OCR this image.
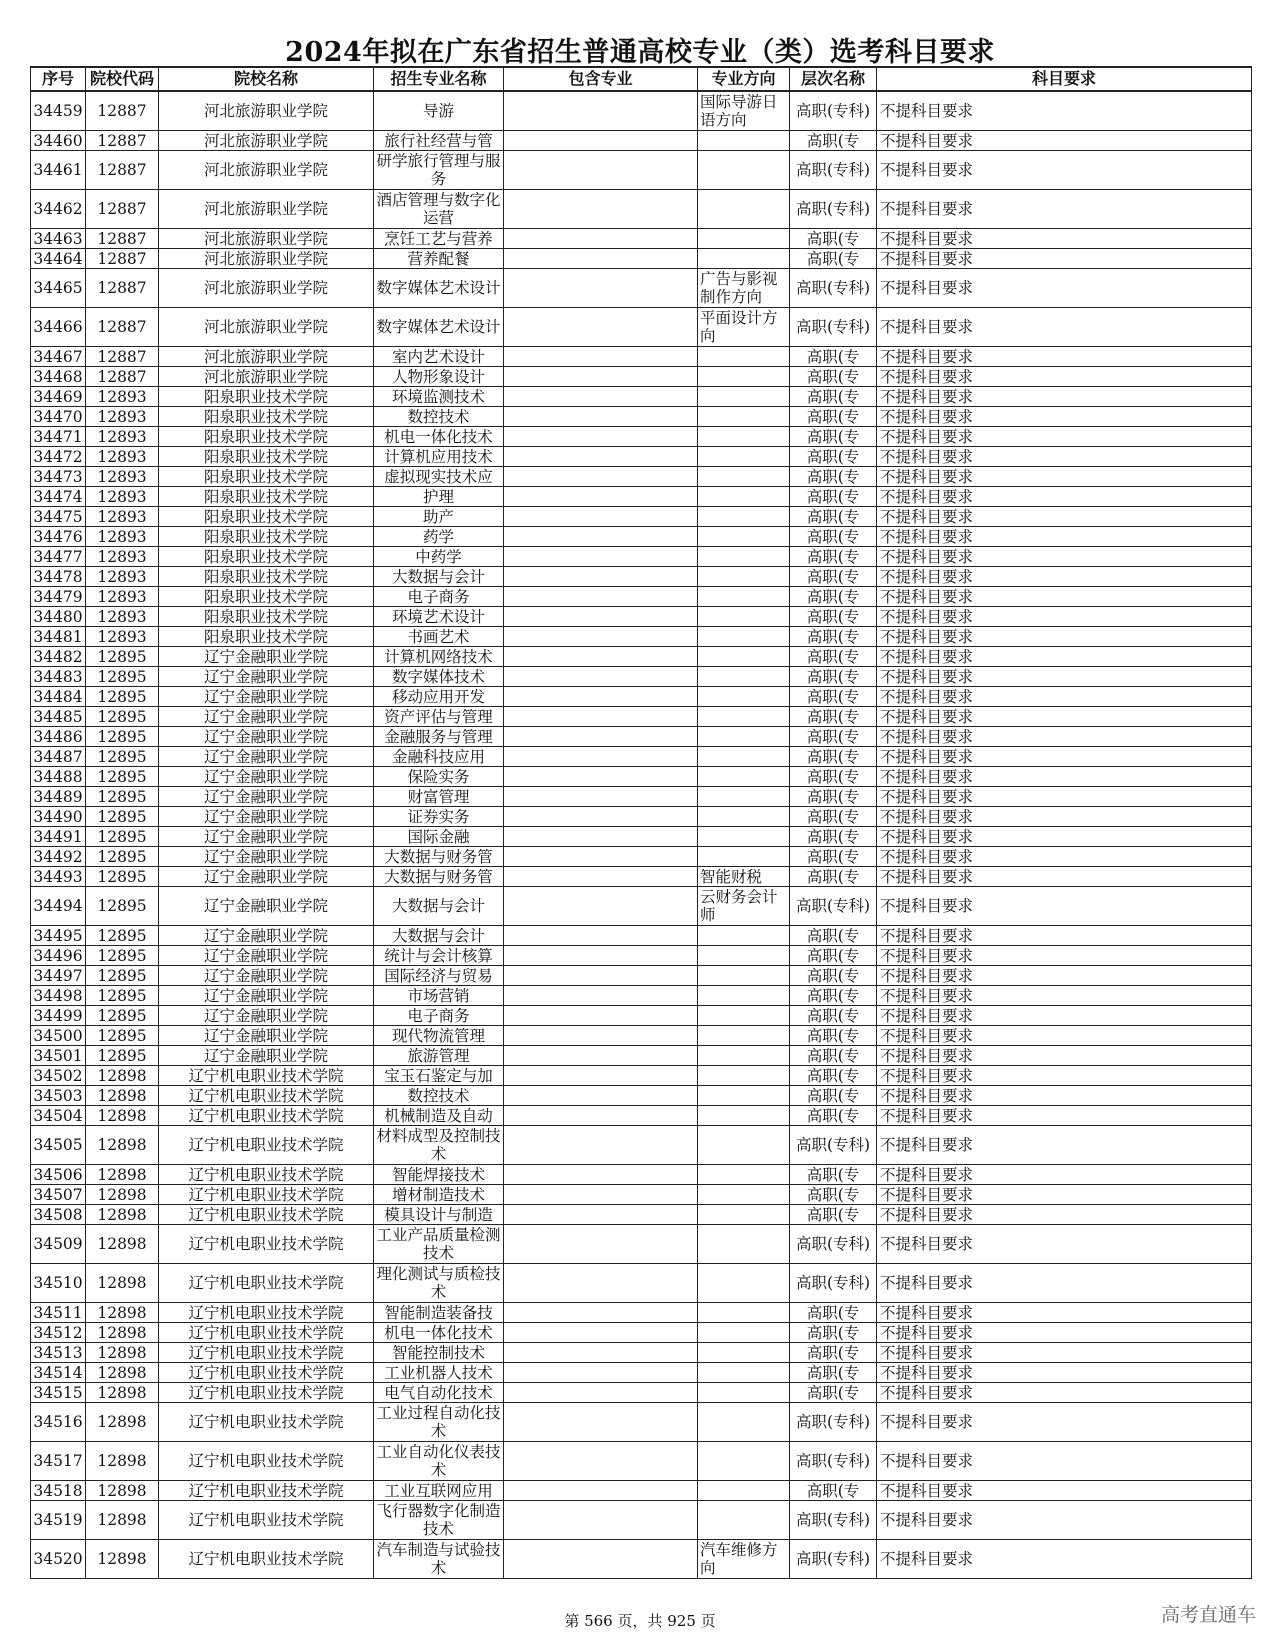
2024年拟在广东省招生普通高校专业（类）选考科目要求
序号	院校代码	院校名称	招生专业名称	包含专业	专业方向	层次名称	科目要求
34459	12887	河北旅游职业学院	导游		国际导游日语方向	高职(专科)	不提科目要求
34460	12887	河北旅游职业学院	旅行社经营与管			高职(专	不提科目要求
34461	12887	河北旅游职业学院	研学旅行管理与服务			高职(专科)	不提科目要求
34462	12887	河北旅游职业学院	酒店管理与数字化运营			高职(专科)	不提科目要求
34463	12887	河北旅游职业学院	烹饪工艺与营养			高职(专	不提科目要求
34464	12887	河北旅游职业学院	营养配餐			高职(专	不提科目要求
34465	12887	河北旅游职业学院	数字媒体艺术设计		广告与影视制作方向	高职(专科)	不提科目要求
34466	12887	河北旅游职业学院	数字媒体艺术设计		平面设计方向	高职(专科)	不提科目要求
34467	12887	河北旅游职业学院	室内艺术设计			高职(专	不提科目要求
34468	12887	河北旅游职业学院	人物形象设计			高职(专	不提科目要求
34469	12893	阳泉职业技术学院	环境监测技术			高职(专	不提科目要求
34470	12893	阳泉职业技术学院	数控技术			高职(专	不提科目要求
34471	12893	阳泉职业技术学院	机电一体化技术			高职(专	不提科目要求
34472	12893	阳泉职业技术学院	计算机应用技术			高职(专	不提科目要求
34473	12893	阳泉职业技术学院	虚拟现实技术应			高职(专	不提科目要求
34474	12893	阳泉职业技术学院	护理			高职(专	不提科目要求
34475	12893	阳泉职业技术学院	助产			高职(专	不提科目要求
34476	12893	阳泉职业技术学院	药学			高职(专	不提科目要求
34477	12893	阳泉职业技术学院	中药学			高职(专	不提科目要求
34478	12893	阳泉职业技术学院	大数据与会计			高职(专	不提科目要求
34479	12893	阳泉职业技术学院	电子商务			高职(专	不提科目要求
34480	12893	阳泉职业技术学院	环境艺术设计			高职(专	不提科目要求
34481	12893	阳泉职业技术学院	书画艺术			高职(专	不提科目要求
34482	12895	辽宁金融职业学院	计算机网络技术			高职(专	不提科目要求
34483	12895	辽宁金融职业学院	数字媒体技术			高职(专	不提科目要求
34484	12895	辽宁金融职业学院	移动应用开发			高职(专	不提科目要求
34485	12895	辽宁金融职业学院	资产评估与管理			高职(专	不提科目要求
34486	12895	辽宁金融职业学院	金融服务与管理			高职(专	不提科目要求
34487	12895	辽宁金融职业学院	金融科技应用			高职(专	不提科目要求
34488	12895	辽宁金融职业学院	保险实务			高职(专	不提科目要求
34489	12895	辽宁金融职业学院	财富管理			高职(专	不提科目要求
34490	12895	辽宁金融职业学院	证券实务			高职(专	不提科目要求
34491	12895	辽宁金融职业学院	国际金融			高职(专	不提科目要求
34492	12895	辽宁金融职业学院	大数据与财务管			高职(专	不提科目要求
34493	12895	辽宁金融职业学院	大数据与财务管		智能财税	高职(专	不提科目要求
34494	12895	辽宁金融职业学院	大数据与会计		云财务会计师	高职(专科)	不提科目要求
34495	12895	辽宁金融职业学院	大数据与会计			高职(专	不提科目要求
34496	12895	辽宁金融职业学院	统计与会计核算			高职(专	不提科目要求
34497	12895	辽宁金融职业学院	国际经济与贸易			高职(专	不提科目要求
34498	12895	辽宁金融职业学院	市场营销			高职(专	不提科目要求
34499	12895	辽宁金融职业学院	电子商务			高职(专	不提科目要求
34500	12895	辽宁金融职业学院	现代物流管理			高职(专	不提科目要求
34501	12895	辽宁金融职业学院	旅游管理			高职(专	不提科目要求
34502	12898	辽宁机电职业技术学院	宝玉石鉴定与加			高职(专	不提科目要求
34503	12898	辽宁机电职业技术学院	数控技术			高职(专	不提科目要求
34504	12898	辽宁机电职业技术学院	机械制造及自动			高职(专	不提科目要求
34505	12898	辽宁机电职业技术学院	材料成型及控制技术			高职(专科)	不提科目要求
34506	12898	辽宁机电职业技术学院	智能焊接技术			高职(专	不提科目要求
34507	12898	辽宁机电职业技术学院	增材制造技术			高职(专	不提科目要求
34508	12898	辽宁机电职业技术学院	模具设计与制造			高职(专	不提科目要求
34509	12898	辽宁机电职业技术学院	工业产品质量检测技术			高职(专科)	不提科目要求
34510	12898	辽宁机电职业技术学院	理化测试与质检技术			高职(专科)	不提科目要求
34511	12898	辽宁机电职业技术学院	智能制造装备技			高职(专	不提科目要求
34512	12898	辽宁机电职业技术学院	机电一体化技术			高职(专	不提科目要求
34513	12898	辽宁机电职业技术学院	智能控制技术			高职(专	不提科目要求
34514	12898	辽宁机电职业技术学院	工业机器人技术			高职(专	不提科目要求
34515	12898	辽宁机电职业技术学院	电气自动化技术			高职(专	不提科目要求
34516	12898	辽宁机电职业技术学院	工业过程自动化技术			高职(专科)	不提科目要求
34517	12898	辽宁机电职业技术学院	工业自动化仪表技术			高职(专科)	不提科目要求
34518	12898	辽宁机电职业技术学院	工业互联网应用			高职(专	不提科目要求
34519	12898	辽宁机电职业技术学院	飞行器数字化制造技术			高职(专科)	不提科目要求
34520	12898	辽宁机电职业技术学院	汽车制造与试验技术		汽车维修方向	高职(专科)	不提科目要求
第 566 页，共 925 页	高考直通车
